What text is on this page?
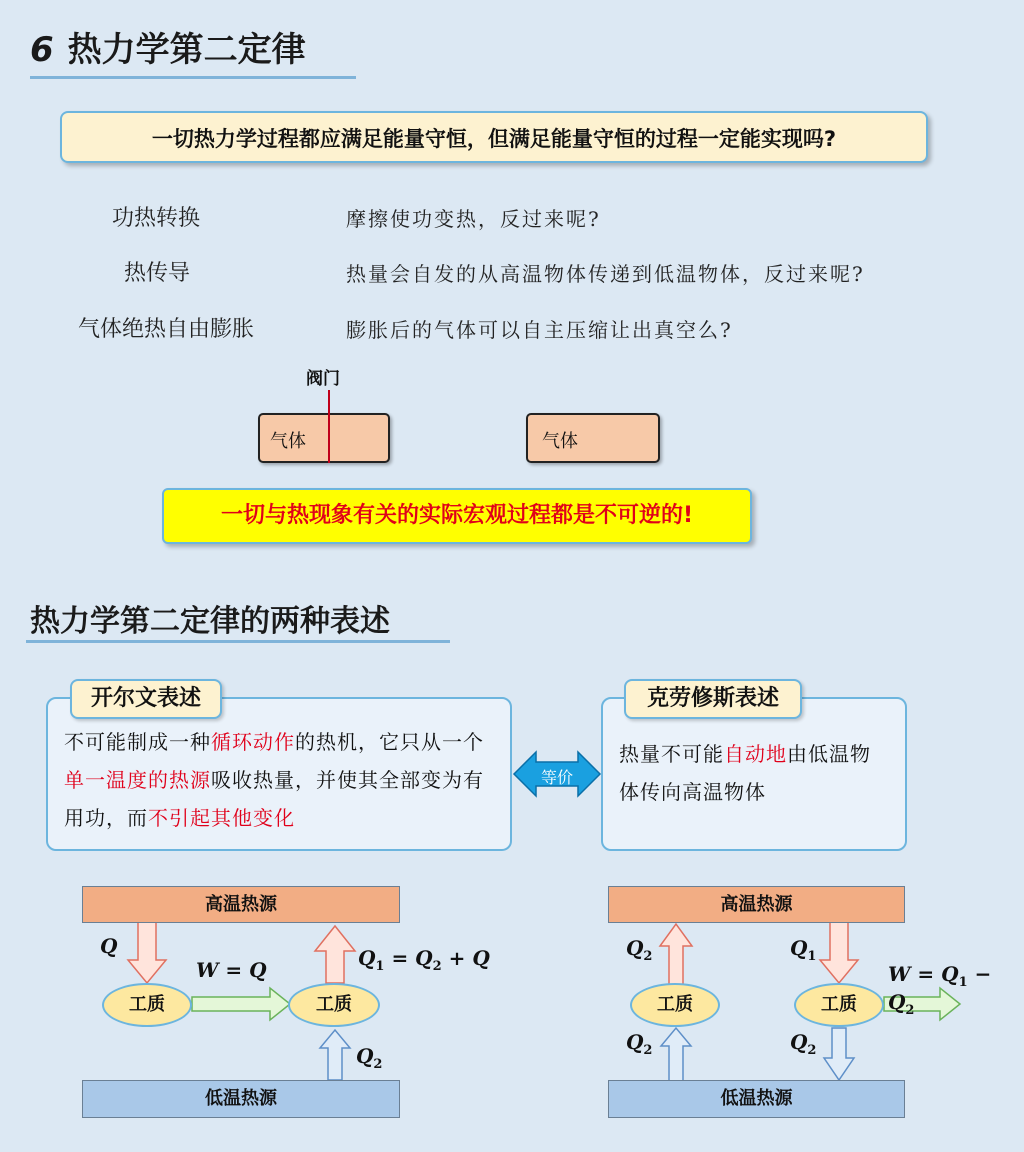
6 热力学第二定律
一切热力学过程都应满足能量守恒，但满足能量守恒的过程一定能实现吗?
功热转换	摩擦使功变热，反过来呢?
热传导	热量会自发的从高温物体传递到低温物体，反过来呢?
气体绝热自由膨胀	膨胀后的气体可以自主压缩让出真空么?
阀门
气体	气体
一切与热现象有关的实际宏观过程都是不可逆的!
热力学第二定律的两种表述
不可能制成一种循环动作的热机，它只从一个单一温度的热源吸收热量，并使其全部变为有用功，而不引起其他变化
开尔文表述
等价
热量不可能自动地由低温物体传向高温物体
克劳修斯表述
高温热源
低温热源
工质	工质
Q
W = Q	$Q_1 = Q_2 + Q$
$Q_2$
高温热源
低温热源
工质	工质
$Q_2$
$Q_2$
$Q_1$
$Q_2$
$W = Q_1 - Q_2$
